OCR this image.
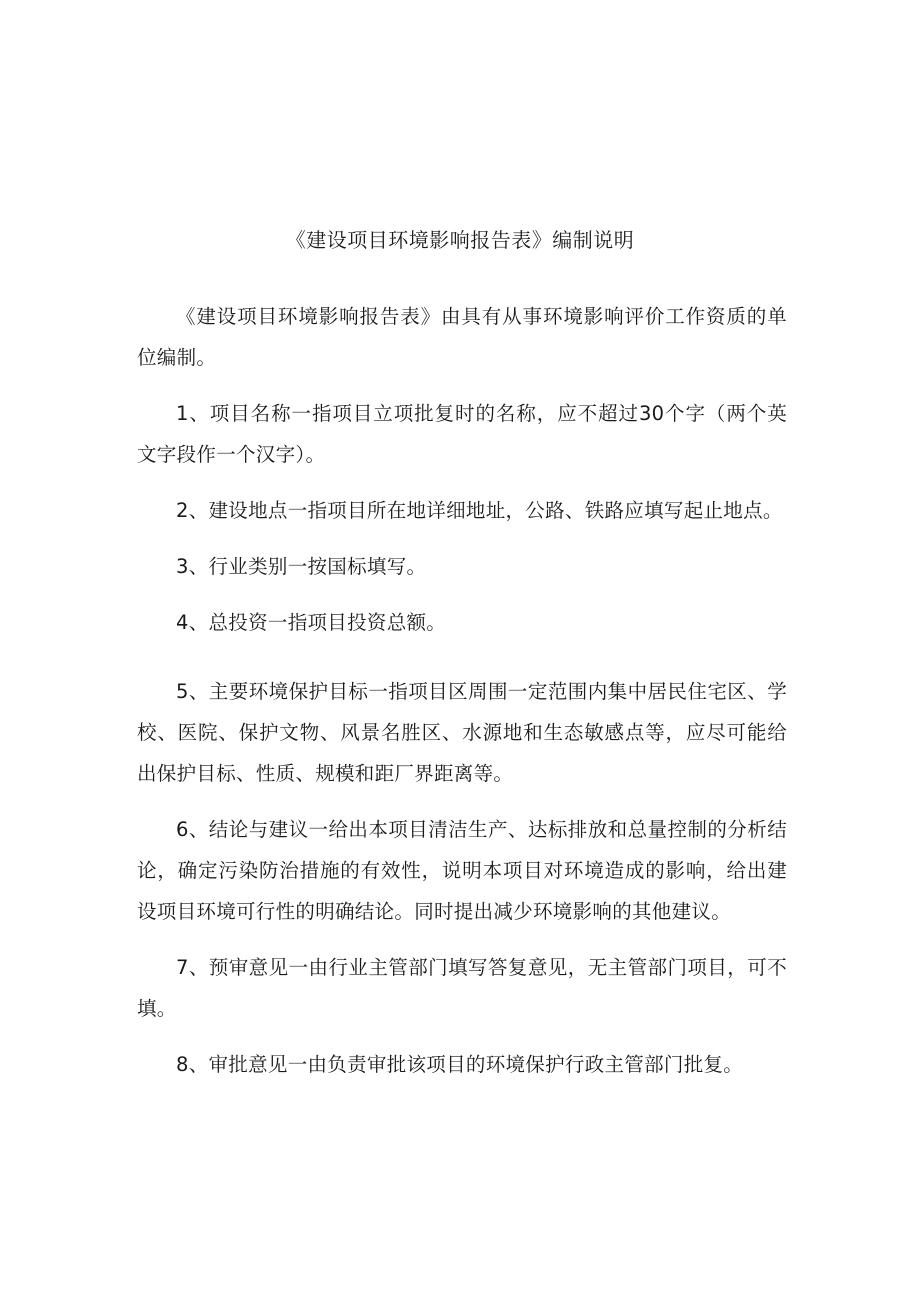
《建设项目环境影响报告表》编制说明

《建设项目环境影响报告表》由具有从事环境影响评价工作资质的单位编制。

1、项目名称一指项目立项批复时的名称，应不超过30个字（两个英文字段作一个汉字）。

2、建设地点一指项目所在地详细地址，公路、铁路应填写起止地点。

3、行业类别一按国标填写。

4、总投资一指项目投资总额。

5、主要环境保护目标一指项目区周围一定范围内集中居民住宅区、学校、医院、保护文物、风景名胜区、水源地和生态敏感点等，应尽可能给出保护目标、性质、规模和距厂界距离等。

6、结论与建议一给出本项目清洁生产、达标排放和总量控制的分析结论，确定污染防治措施的有效性，说明本项目对环境造成的影响，给出建设项目环境可行性的明确结论。同时提出减少环境影响的其他建议。

7、预审意见一由行业主管部门填写答复意见，无主管部门项目，可不填。

8、审批意见一由负责审批该项目的环境保护行政主管部门批复。
